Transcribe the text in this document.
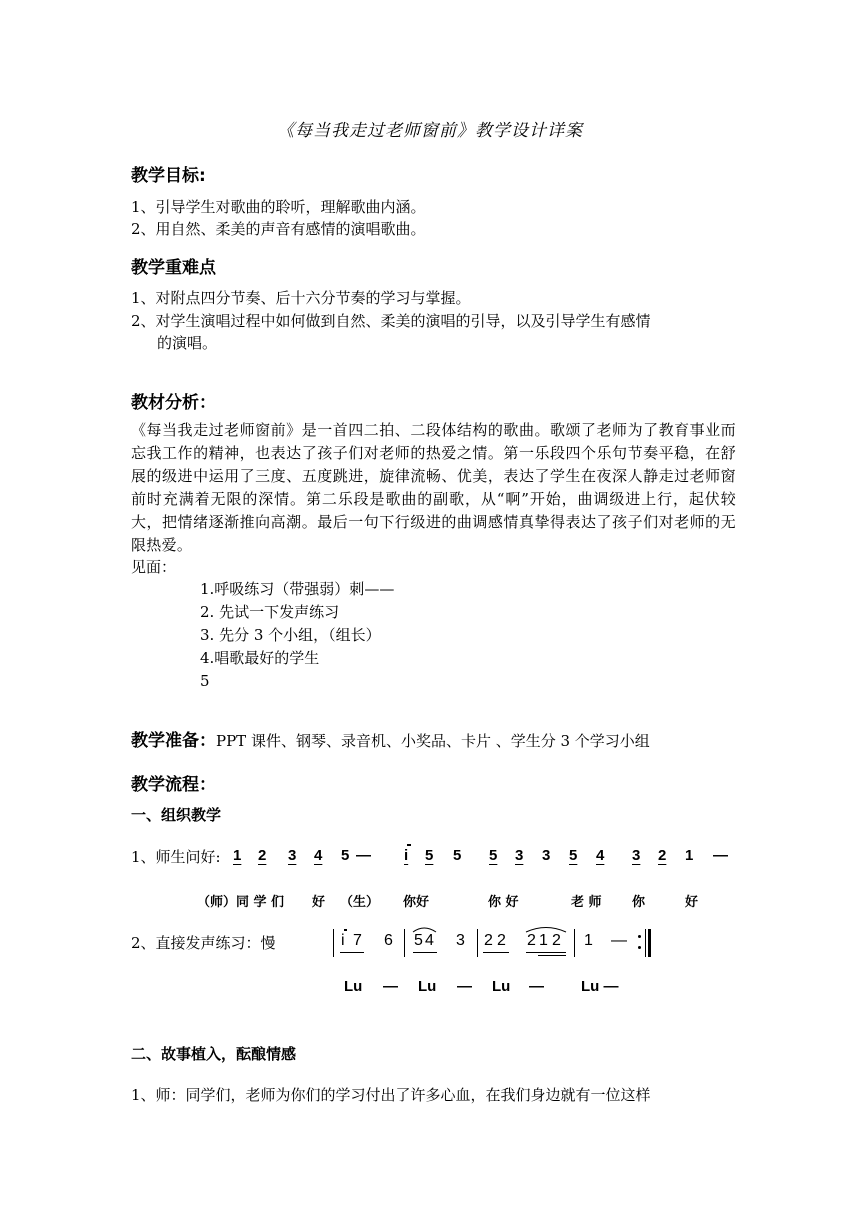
《每当我走过老师窗前》教学设计详案
教学目标:
1、引导学生对歌曲的聆听，理解歌曲内涵。
2、用自然、柔美的声音有感情的演唱歌曲。
教学重难点
1、对附点四分节奏、后十六分节奏的学习与掌握。
2、对学生演唱过程中如何做到自然、柔美的演唱的引导，以及引导学生有感情
的演唱。
教材分析：
《每当我走过老师窗前》是一首四二拍、二段体结构的歌曲。歌颂了老师为了教育事业而忘我工作的精神，也表达了孩子们对老师的热爱之情。第一乐段四个乐句节奏平稳，在舒展的级进中运用了三度、五度跳进，旋律流畅、优美，表达了学生在夜深人静走过老师窗前时充满着无限的深情。第二乐段是歌曲的副歌，从“啊”开始，曲调级进上行，起伏较大，把情绪逐渐推向高潮。最后一句下行级进的曲调感情真挚得表达了孩子们对老师的无限热爱。
见面：
1.呼吸练习（带强弱）刺——
2. 先试一下发声练习
3. 先分 3 个小组，（组长）
4.唱歌最好的学生
5
教学准备：PPT 课件、钢琴、录音机、小奖品、卡片 、学生分 3 个学习小组
教学流程：
一、组织教学
1、师生问好: 1 2 3 4 5 — i 5 5 5 3 3 5 4 3 2 1 —
（师）同 学 们 好 （生） 你好	你 好	老 师 你	好
2、直接发声练习：慢	i 7 6 5 4 3 2 2 2 1 2 1 —
Lu — Lu — Lu — Lu —
二、故事植入，酝酿情感
1、师：同学们，老师为你们的学习付出了许多心血，在我们身边就有一位这样
